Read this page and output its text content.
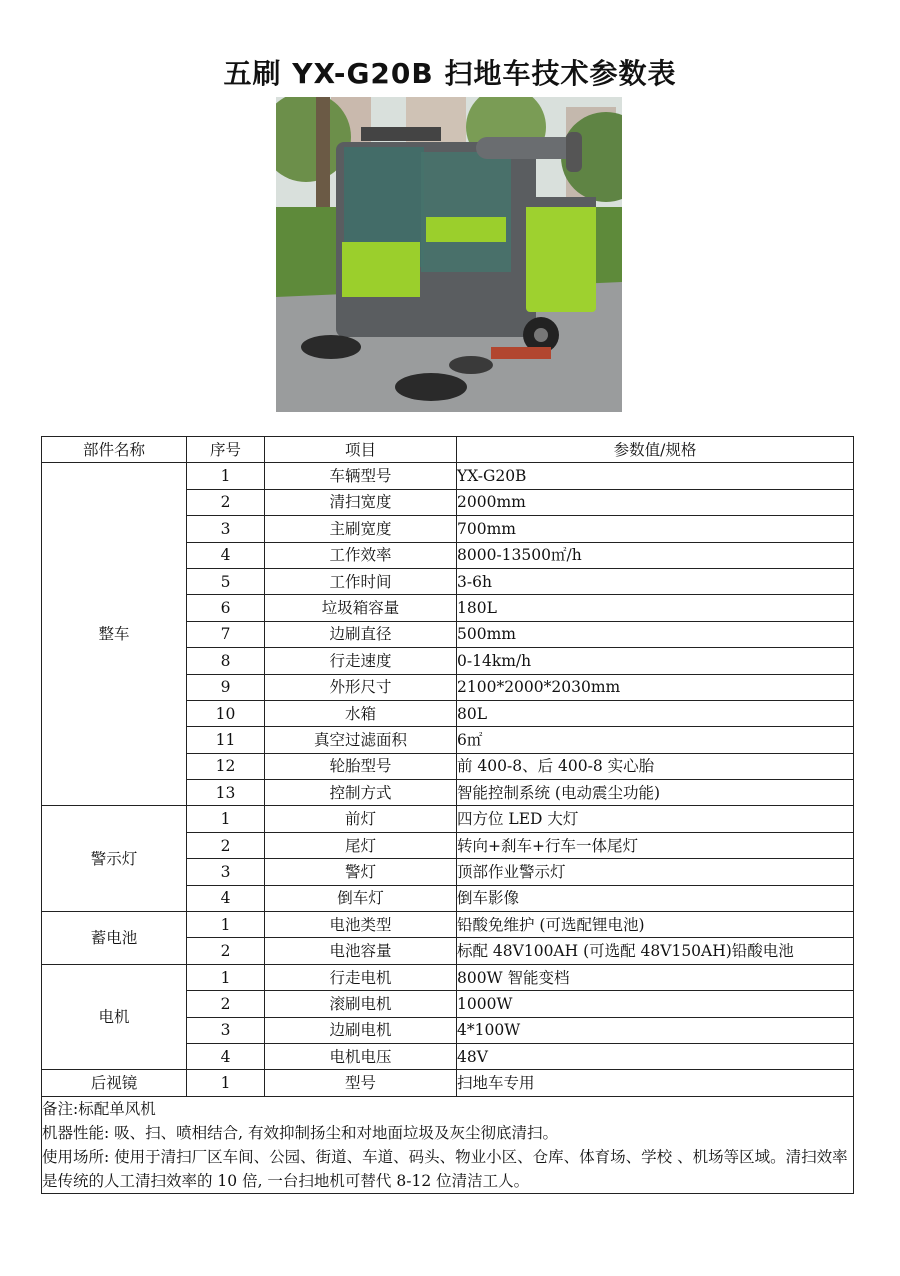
五刷 YX-G20B 扫地车技术参数表
部件名称	序号	项目	参数值/规格
整车	1	车辆型号	YX-G20B
	2	清扫宽度	2000mm
	3	主刷宽度	700mm
	4	工作效率	8000-13500㎡/h
	5	工作时间	3-6h
	6	垃圾箱容量	180L
	7	边刷直径	500mm
	8	行走速度	0-14km/h
	9	外形尺寸	2100*2000*2030mm
	10	水箱	80L
	11	真空过滤面积	6㎡
	12	轮胎型号	前 400-8、后 400-8 实心胎
	13	控制方式	智能控制系统 (电动震尘功能)
警示灯	1	前灯	四方位 LED 大灯
	2	尾灯	转向+刹车+行车一体尾灯
	3	警灯	顶部作业警示灯
	4	倒车灯	倒车影像
蓄电池	1	电池类型	铅酸免维护 (可选配锂电池)
	2	电池容量	标配 48V100AH (可选配 48V150AH)铅酸电池
电机	1	行走电机	800W 智能变档
	2	滚刷电机	1000W
	3	边刷电机	4*100W
	4	电机电压	48V
后视镜	1	型号	扫地车专用

备注:标配单风机
机器性能: 吸、扫、喷相结合, 有效抑制扬尘和对地面垃圾及灰尘彻底清扫。
使用场所: 使用于清扫厂区车间、公园、街道、车道、码头、物业小区、仓库、体育场、学校 、机场等区域。清扫效率是传统的人工清扫效率的 10 倍, 一台扫地机可替代 8-12 位清洁工人。			
